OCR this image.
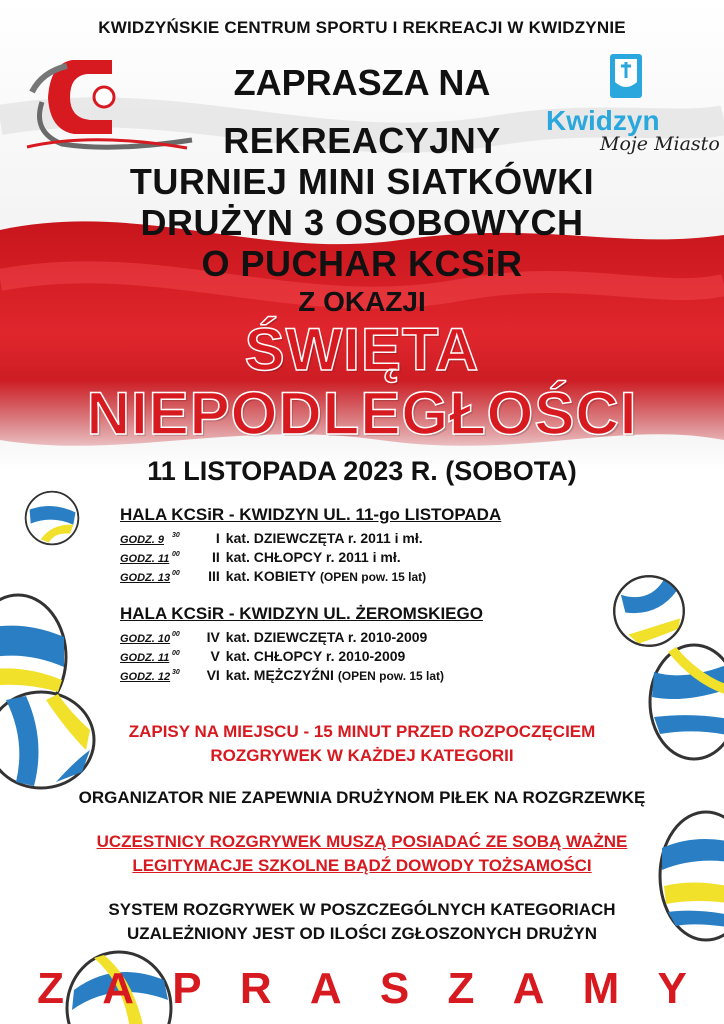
Kwidzyn
Moje Miasto
KWIDZYŃSKIE CENTRUM SPORTU I REKREACJI W KWIDZYNIE
ZAPRASZA NA
REKREACYJNY
TURNIEJ MINI SIATKÓWKI
DRUŻYN 3 OSOBOWYCH
O PUCHAR KCSiR
Z OKAZJI
ŚWIĘTA
NIEPODLEGŁOŚCI
11 LISTOPADA 2023 R. (SOBOTA)
HALA KCSiR - KWIDZYN UL. 11-go LISTOPADA
GODZ. 9 $^{30}$	I kat. DZIEWCZĘTA r. 2011 i mł.
GODZ. 11 $^{00}$ II kat. CHŁOPCY r. 2011 i mł.
GODZ. 13 $^{00}$ III kat. KOBIETY (OPEN pow. 15 lat)
HALA KCSiR - KWIDZYN UL. ŻEROMSKIEGO
GODZ. 10 $^{00}$ IV kat. DZIEWCZĘTA r. 2010-2009
GODZ. 11 $^{00}$ V kat. CHŁOPCY r. 2010-2009
GODZ. 12 $^{30}$ VI kat. MĘŻCZYŹNI (OPEN pow. 15 lat)
ZAPISY NA MIEJSCU - 15 MINUT PRZED ROZPOCZĘCIEM
ROZGRYWEK W KAŻDEJ KATEGORII
ORGANIZATOR NIE ZAPEWNIA DRUŻYNOM PIŁEK NA ROZGRZEWKĘ
UCZESTNICY ROZGRYWEK MUSZĄ POSIADAĆ ZE SOBĄ WAŻNE
LEGITYMACJE SZKOLNE BĄDŹ DOWODY TOŻSAMOŚCI
SYSTEM ROZGRYWEK W POSZCZEGÓLNYCH KATEGORIACH
UZALEŻNIONY JEST OD ILOŚCI ZGŁOSZONYCH DRUŻYN
Z A P R A S Z A M Y
